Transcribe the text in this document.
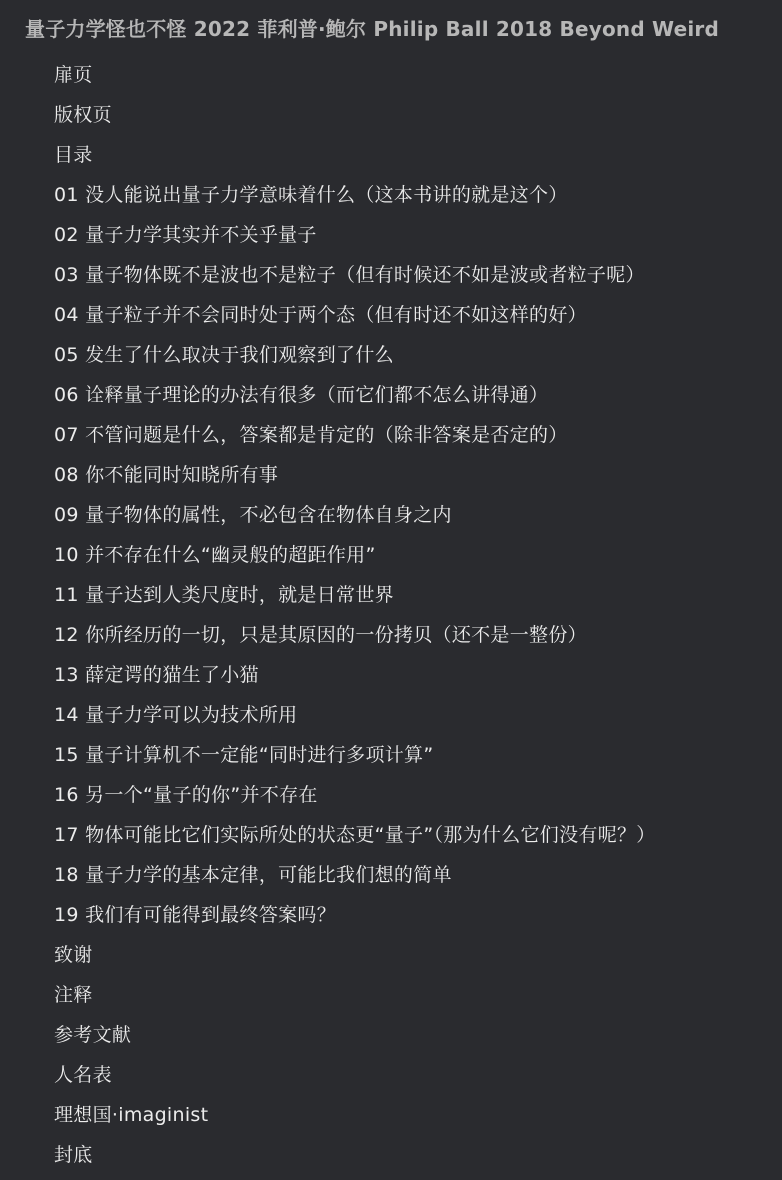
量子力学怪也不怪 2022 菲利普·鲍尔 Philip Ball 2018 Beyond Weird
扉页
版权页
目录
01 没人能说出量子力学意味着什么（这本书讲的就是这个）
02 量子力学其实并不关乎量子
03 量子物体既不是波也不是粒子（但有时候还不如是波或者粒子呢）
04 量子粒子并不会同时处于两个态（但有时还不如这样的好）
05 发生了什么取决于我们观察到了什么
06 诠释量子理论的办法有很多（而它们都不怎么讲得通）
07 不管问题是什么，答案都是肯定的（除非答案是否定的）
08 你不能同时知晓所有事
09 量子物体的属性，不必包含在物体自身之内
10 并不存在什么“幽灵般的超距作用”
11 量子达到人类尺度时，就是日常世界
12 你所经历的一切，只是其原因的一份拷贝（还不是一整份）
13 薛定谔的猫生了小猫
14 量子力学可以为技术所用
15 量子计算机不一定能“同时进行多项计算”
16 另一个“量子的你”并不存在
17 物体可能比它们实际所处的状态更“量子”（那为什么它们没有呢？）
18 量子力学的基本定律，可能比我们想的简单
19 我们有可能得到最终答案吗？
致谢
注释
参考文献
人名表
理想国·imaginist
封底
